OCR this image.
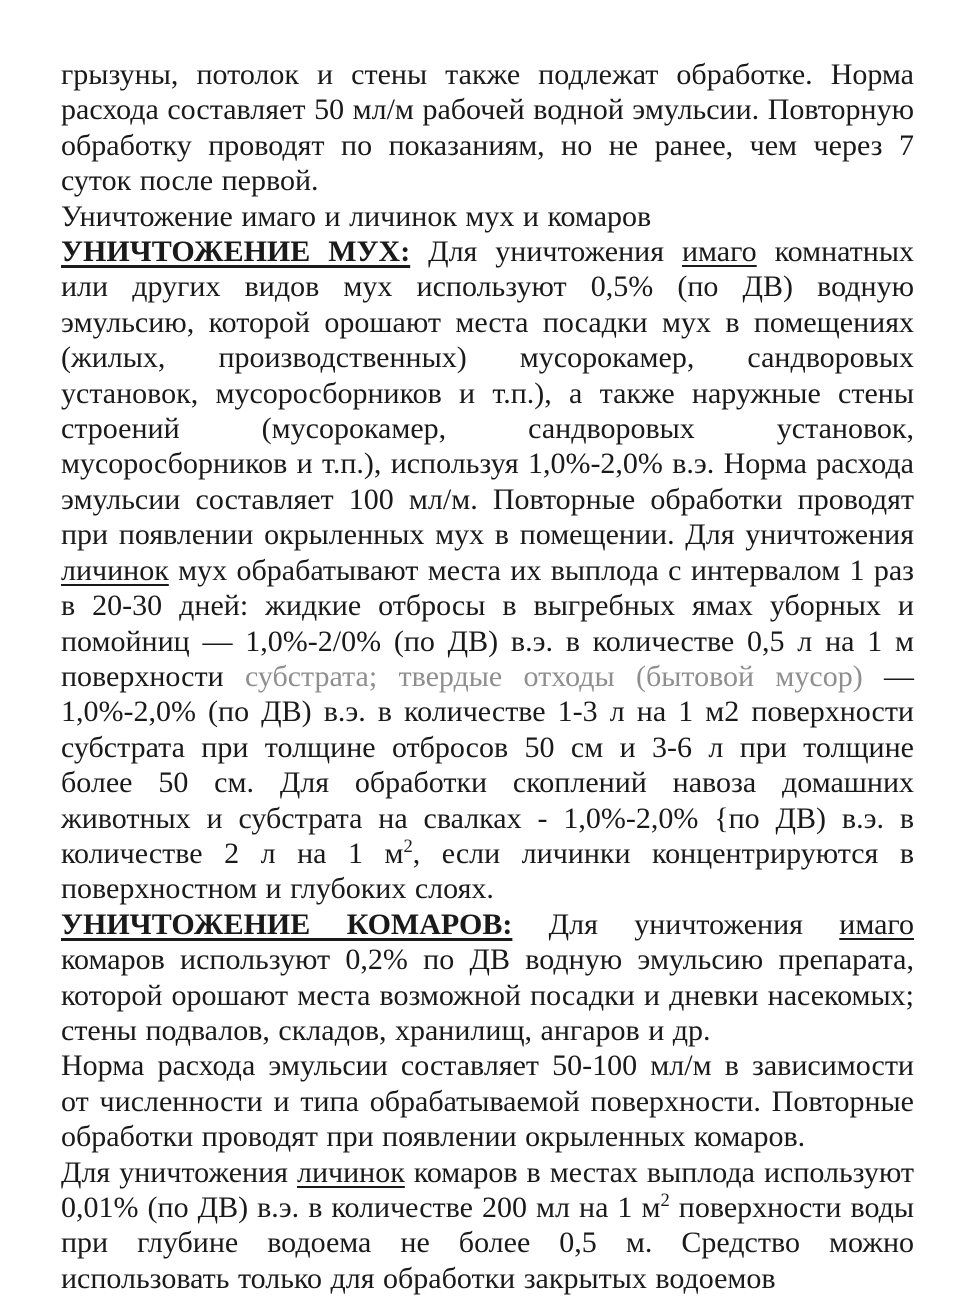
грызуны, потолок и стены также подлежат обработке. Норма расхода составляет 50 мл/м рабочей водной эмульсии. Повторную обработку проводят по показаниям, но не ранее, чем через 7 суток после первой.

Уничтожение имаго и личинок мух и комаров

УНИЧТОЖЕНИЕ МУХ: Для уничтожения имаго комнатных или других видов мух используют 0,5% (по ДВ) водную эмульсию, которой орошают места посадки мух в помещениях (жилых, производственных) мусорокамер, сандворовых установок, мусоросборников и т.п.), а также наружные стены строений (мусорокамер, сандворовых установок, мусоросборников и т.п.), используя 1,0%-2,0% в.э. Норма расхода эмульсии составляет 100 мл/м. Повторные обработки проводят при появлении окрыленных мух в помещении. Для уничтожения личинок мух обрабатывают места их выплода с интервалом 1 раз в 20-30 дней: жидкие отбросы в выгребных ямах уборных и помойниц — 1,0%-2/0% (по ДВ) в.э. в количестве 0,5 л на 1 м поверхности субстрата; твердые отходы (бытовой мусор) — 1,0%-2,0% (по ДВ) в.э. в количестве 1-3 л на 1 м2 поверхности субстрата при толщине отбросов 50 см и 3-6 л при толщине более 50 см. Для обработки скоплений навоза домашних животных и субстрата на свалках - 1,0%-2,0% {по ДВ) в.э. в количестве 2 л на 1 $м^2$, если личинки концентрируются в поверхностном и глубоких слоях.

УНИЧТОЖЕНИЕ КОМАРОВ: Для уничтожения имаго комаров используют 0,2% по ДВ водную эмульсию препарата, которой орошают места возможной посадки и дневки насекомых; стены подвалов, складов, хранилищ, ангаров и др.

Норма расхода эмульсии составляет 50-100 мл/м в зависимости от численности и типа обрабатываемой поверхности. Повторные обработки проводят при появлении окрыленных комаров.

Для уничтожения личинок комаров в местах выплода используют 0,01% (по ДВ) в.э. в количестве 200 мл на 1 $м^2$ поверхности воды при глубине водоема не более 0,5 м. Средство можно использовать только для обработки закрытых водоемов
